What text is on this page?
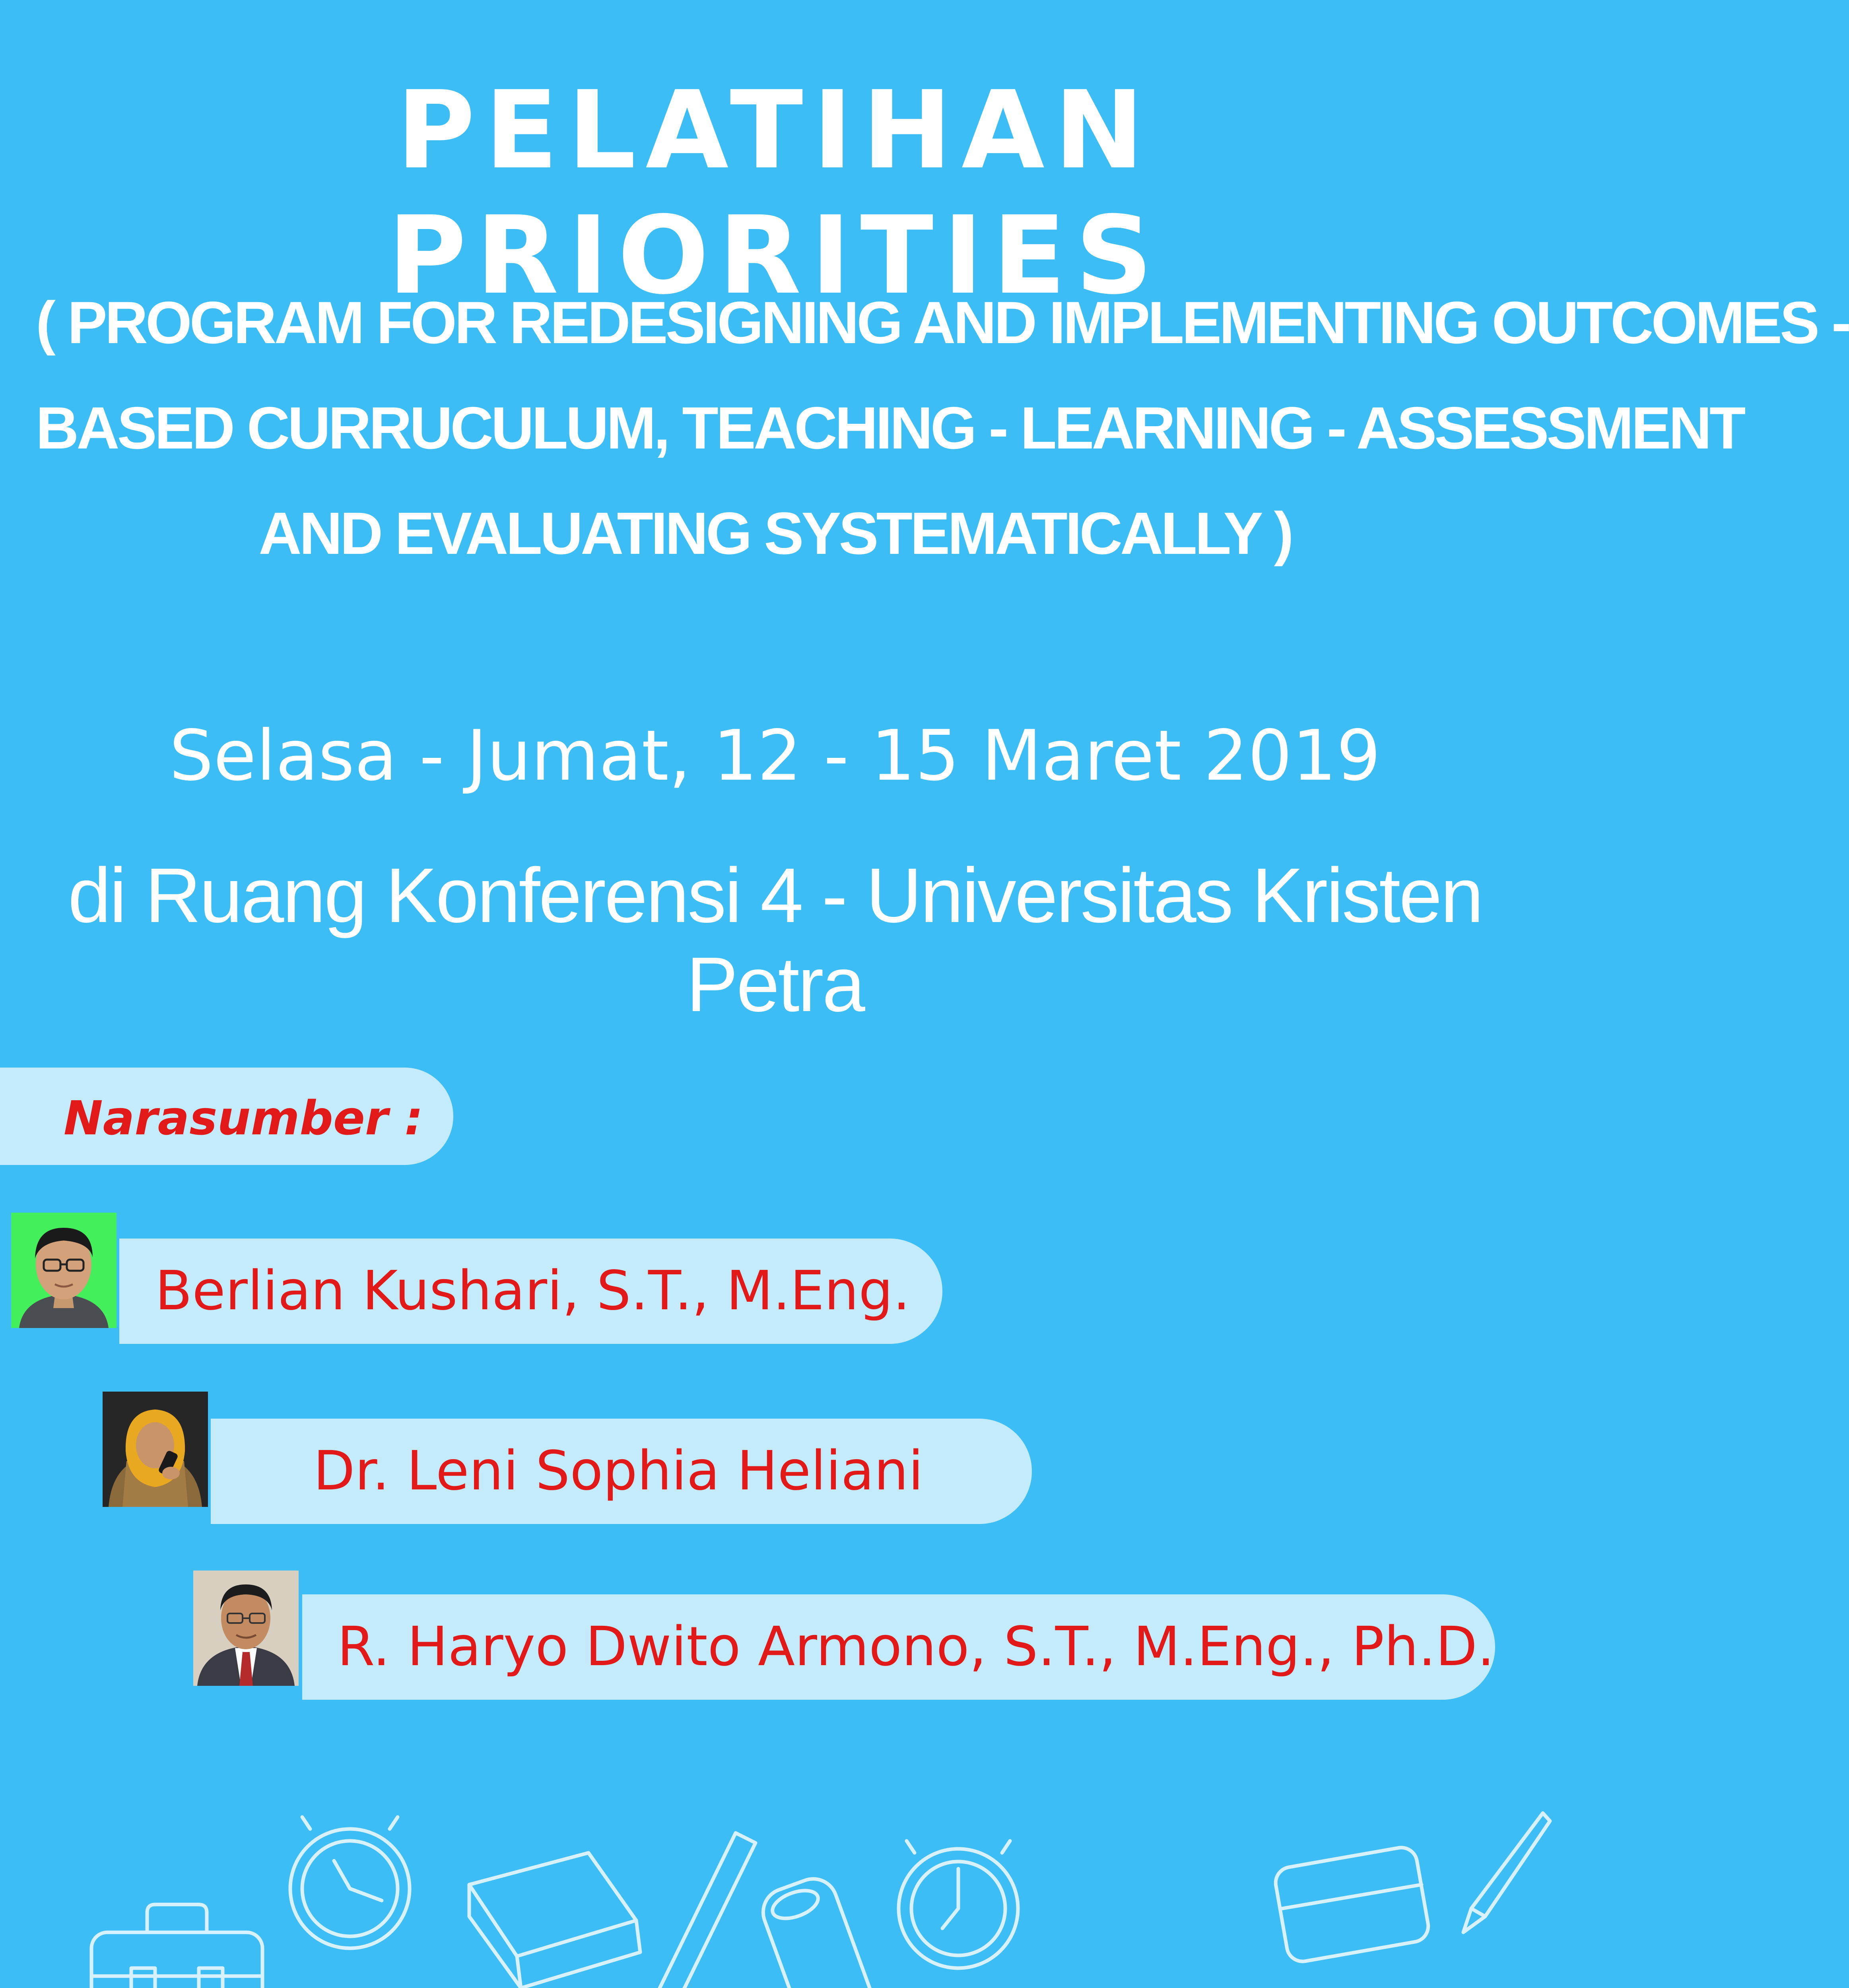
PELATIHAN PRIORITIES
( PROGRAM FOR REDESIGNING AND IMPLEMENTING OUTCOMES -
BASED CURRUCULUM, TEACHING - LEARNING - ASSESSMENT
AND EVALUATING SYSTEMATICALLY )
Selasa - Jumat, 12 - 15 Maret 2019
di Ruang Konferensi 4 - Universitas Kristen Petra
Narasumber :
Berlian Kushari, S.T., M.Eng.
Dr. Leni Sophia Heliani
R. Haryo Dwito Armono, S.T., M.Eng., Ph.D.
